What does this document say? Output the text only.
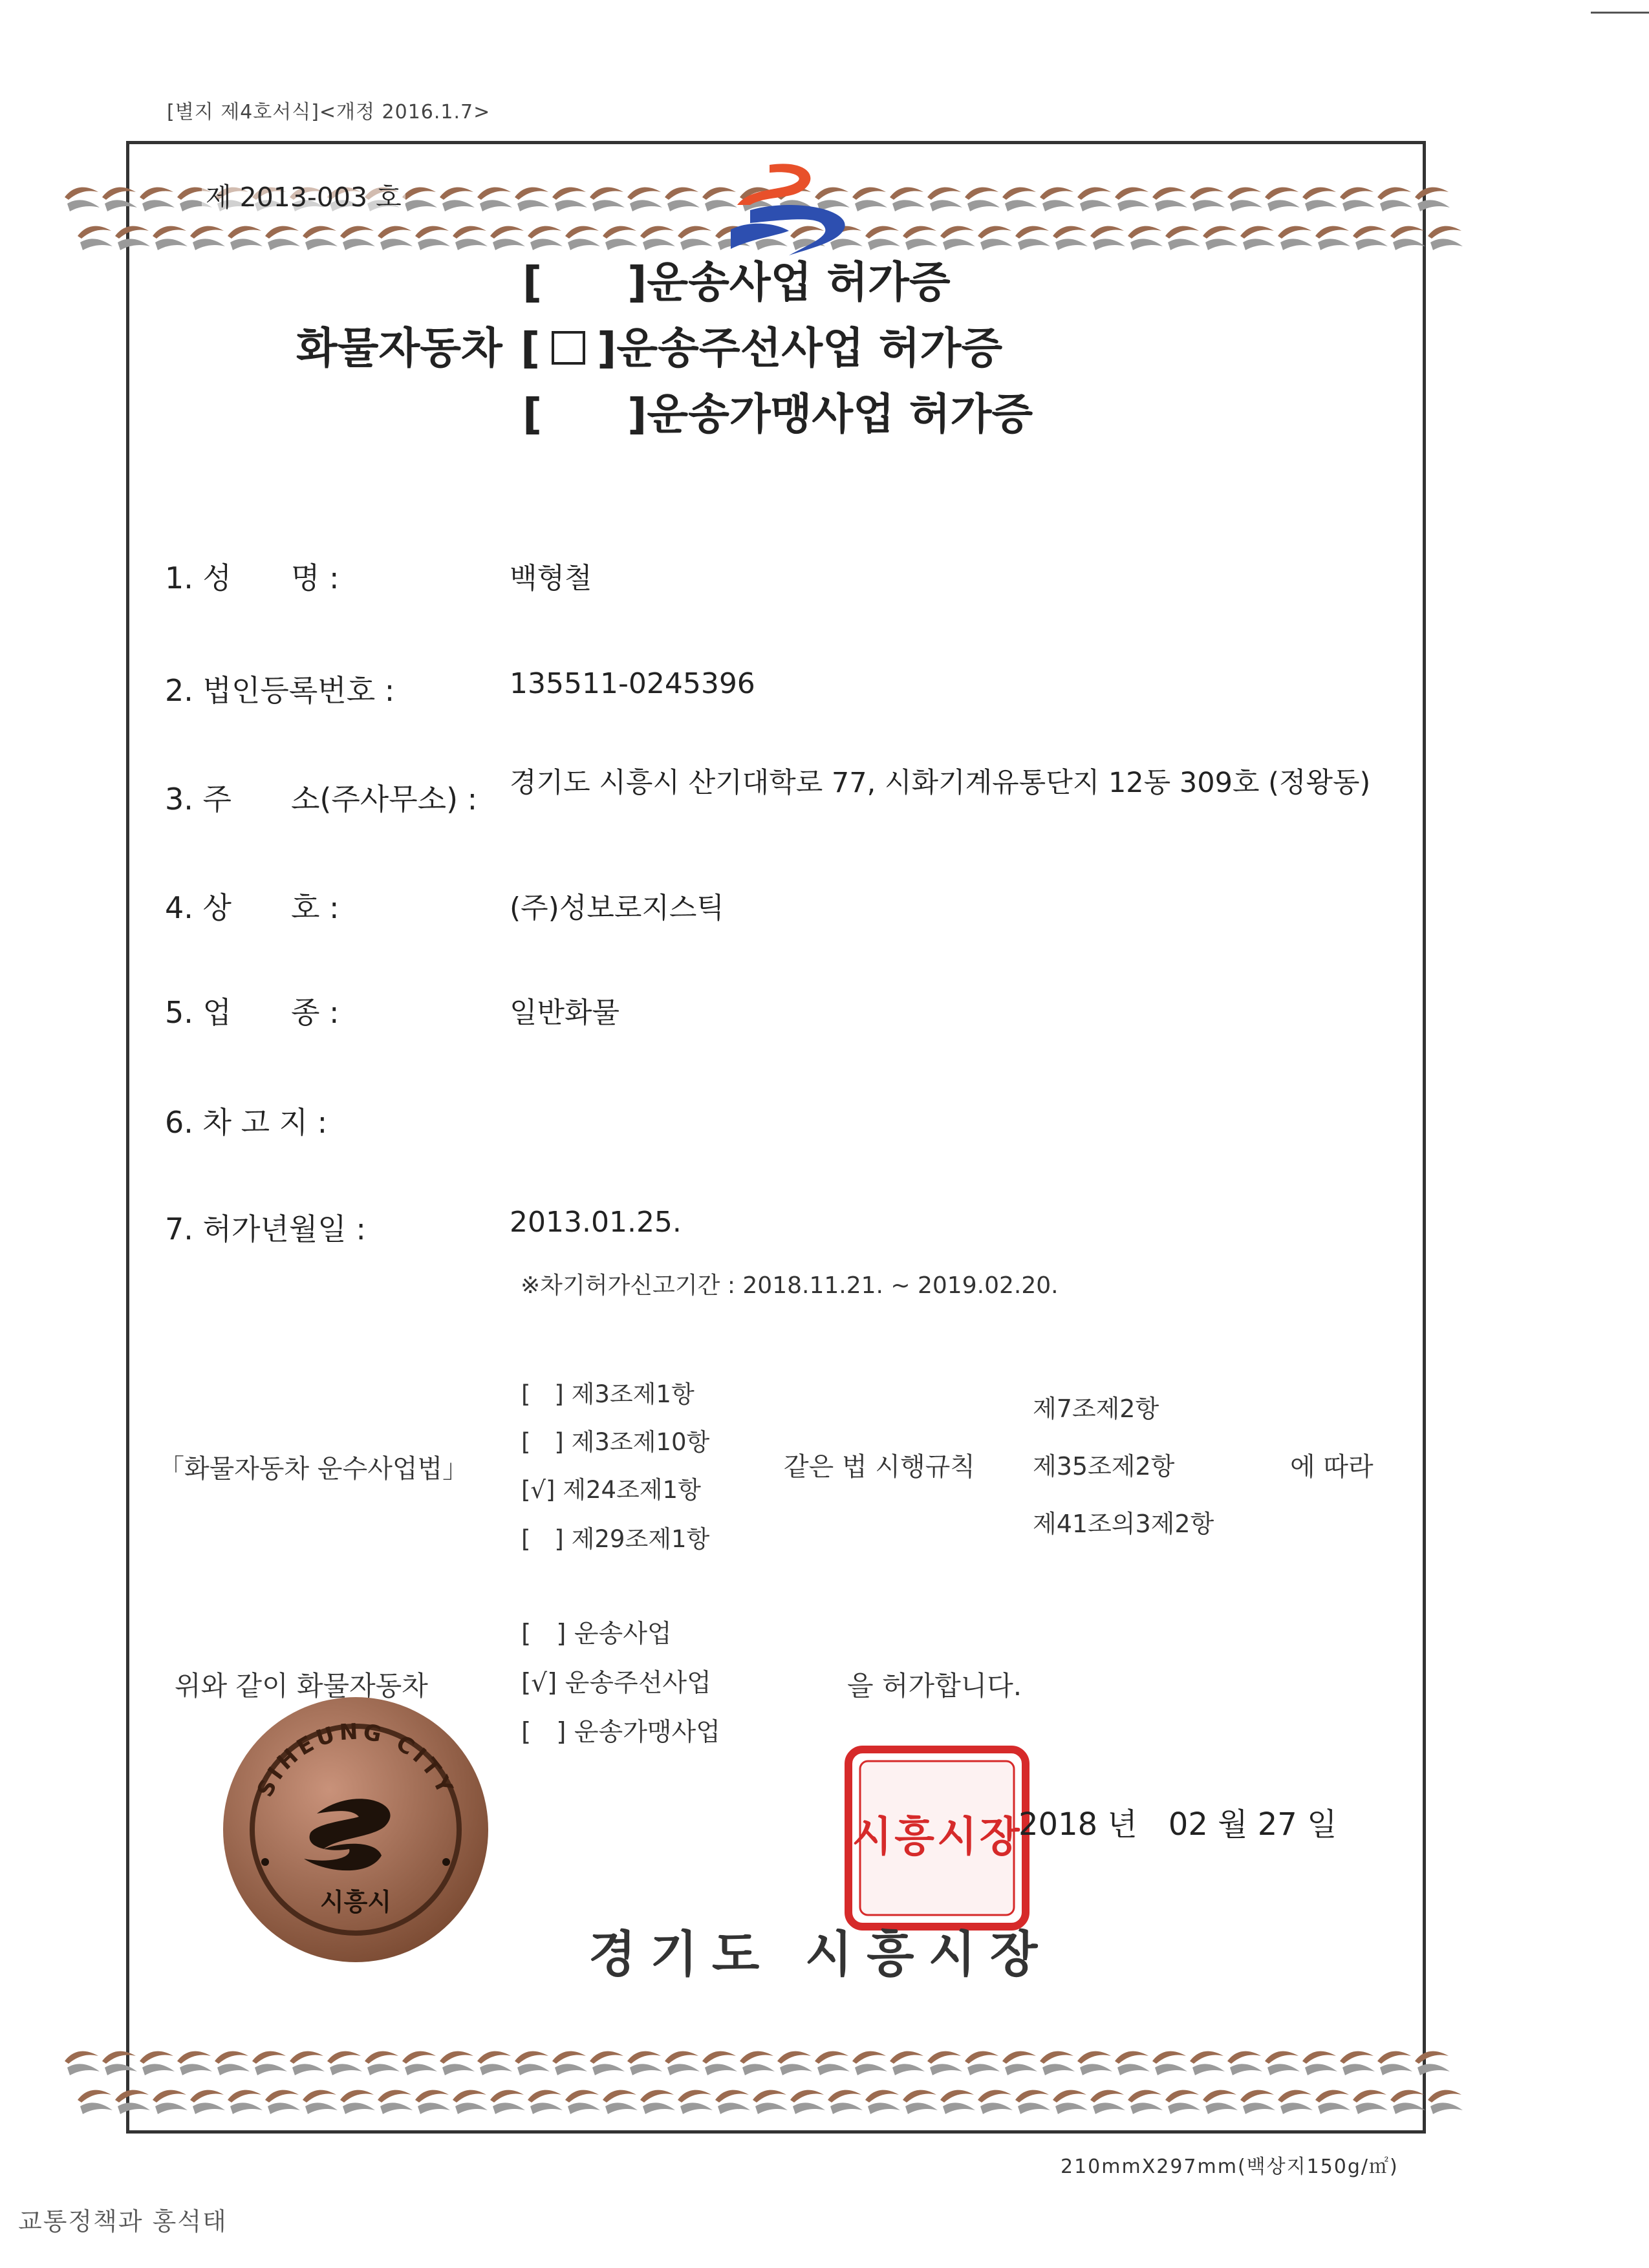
[별지 제4호서식]<개정 2016.1.7>
제 2013-003 호
[　　]운송사업 허가증
화물자동차 [ ]운송주선사업 허가증
[　　]운송가맹사업 허가증
1. 성　　명 :	백형철
2. 법인등록번호 :	135511-0245396
3. 주　　소(주사무소) : 경기도 시흥시 산기대학로 77, 시화기계유통단지 12동 309호 (정왕동)
4. 상　　호 :	(주)성보로지스틱
5. 업　　종 :	일반화물
6. 차 고 지 :
7. 허가년월일 :	2013.01.25.
※차기허가신고기간 : 2018.11.21. ~ 2019.02.20.
「화물자동차 운수사업법」
[　] 제3조제1항
[　] 제3조제10항
[√] 제24조제1항
[　] 제29조제1항
같은 법 시행규칙
제7조제2항
제35조제2항
제41조의3제2항
에 따라
위와 같이 화물자동차
[　] 운송사업
[√] 운송주선사업
[　] 운송가맹사업
을 허가합니다.
SIHEUNG CITY
시흥시
시흥시장
2018 년　02 월 27 일
경기도 시흥시장
210mmX297mm(백상지150g/㎡)
교통정책과 홍석태
